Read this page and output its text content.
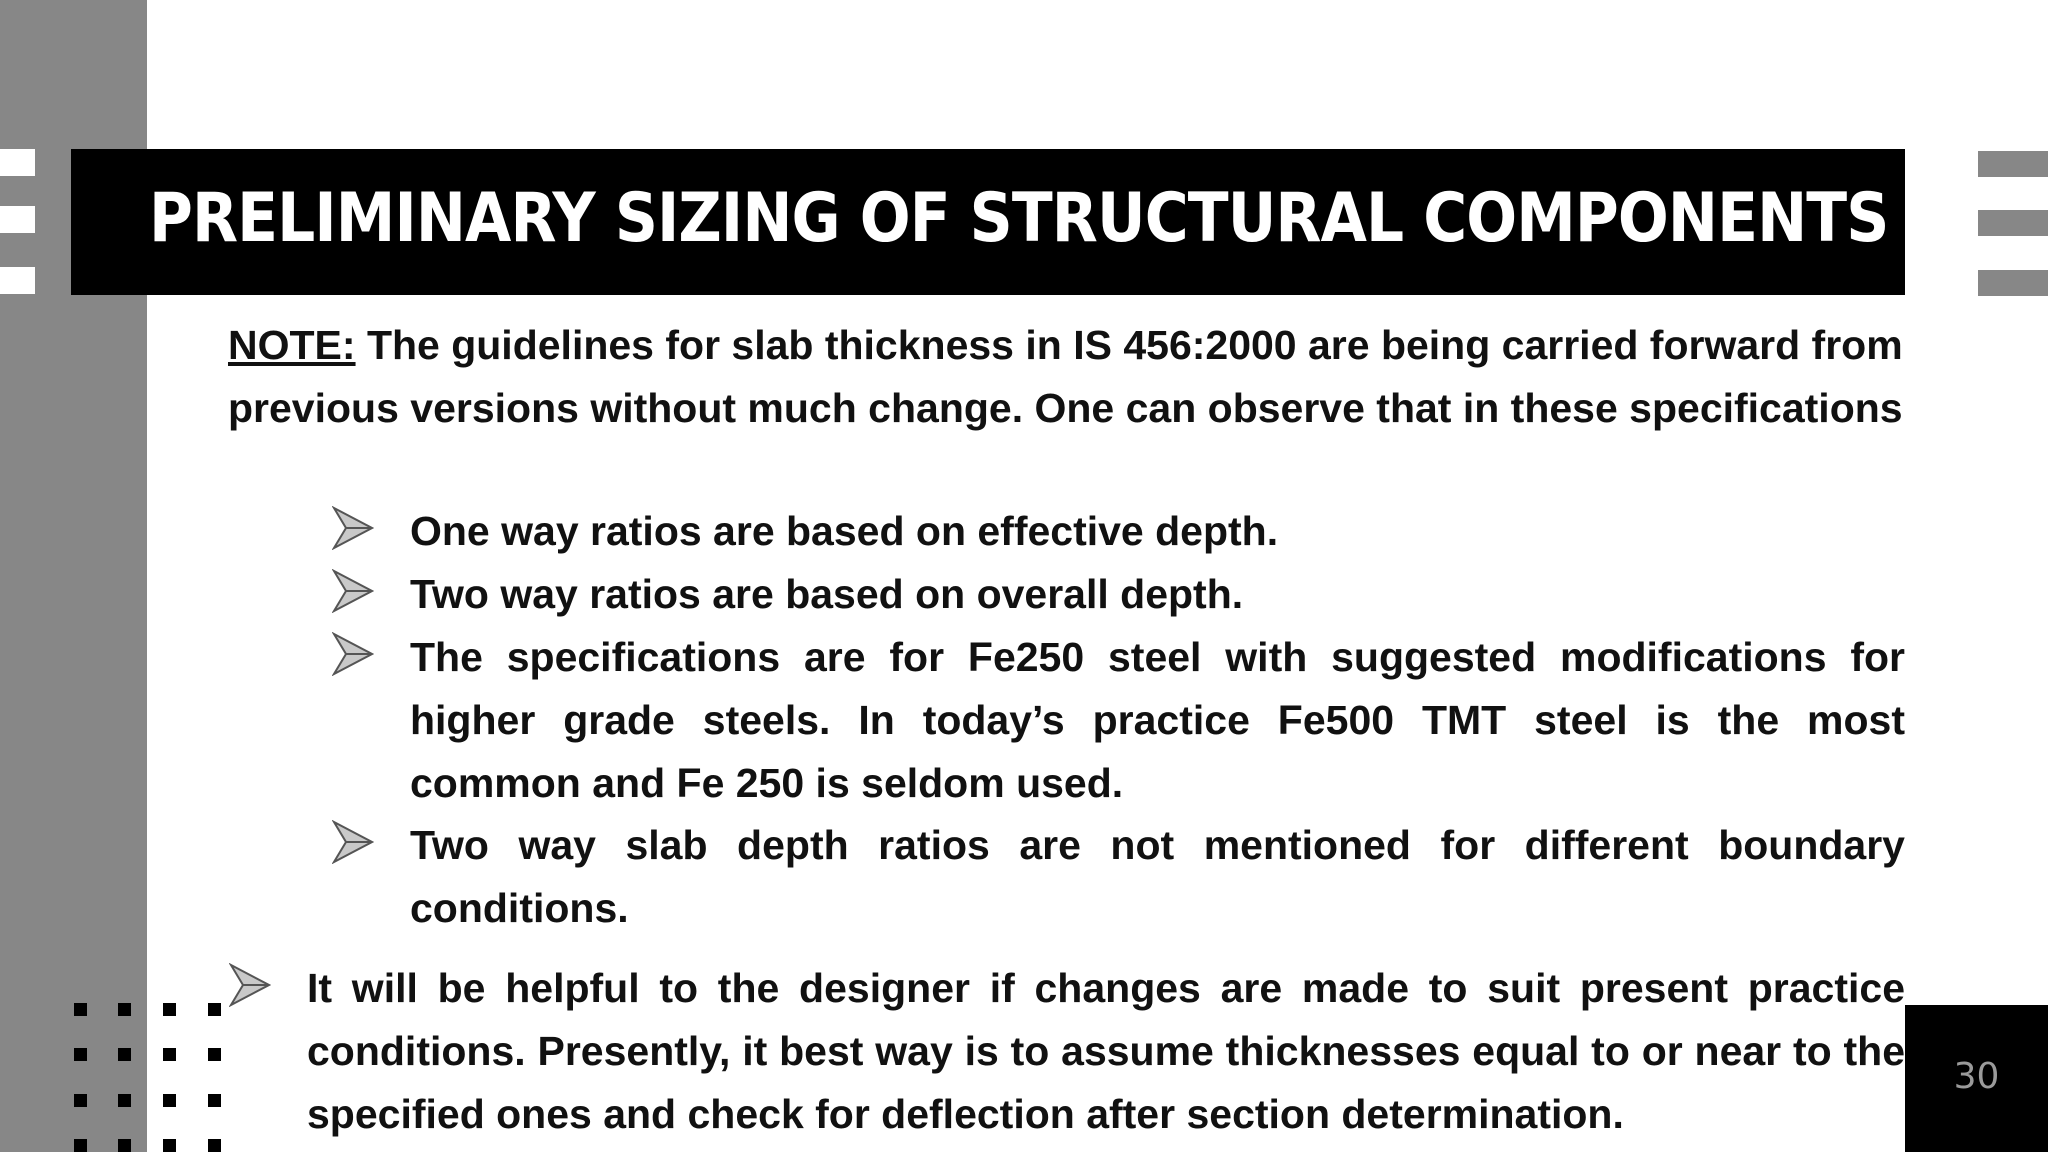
PRELIMINARY SIZING OF STRUCTURAL COMPONENTS

NOTE: The guidelines for slab thickness in IS 456:2000 are being carried forward from previous versions without much change. One can observe that in these specifications

One way ratios are based on effective depth.
Two way ratios are based on overall depth.
The specifications are for Fe250 steel with suggested modifications for higher grade steels. In today’s practice Fe500 TMT steel is the most common and Fe 250 is seldom used.
Two way slab depth ratios are not mentioned for different boundary conditions.
It will be helpful to the designer if changes are made to suit present practice conditions. Presently, it best way is to assume thicknesses equal to or near to the specified ones and check for deflection after section determination.
30
